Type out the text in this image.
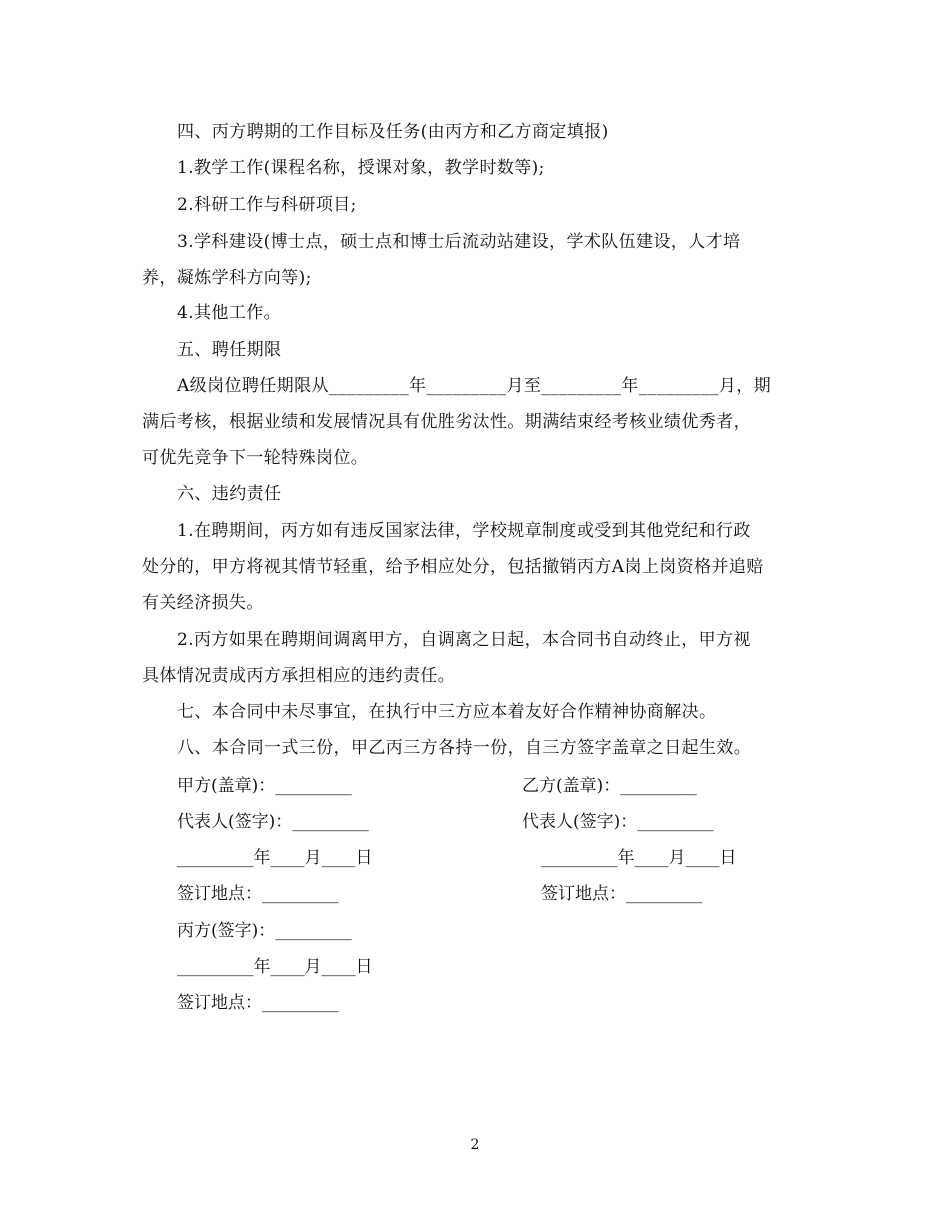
四、丙方聘期的工作目标及任务(由丙方和乙方商定填报)
1.教学工作(课程名称，授课对象，教学时数等);
2.科研工作与科研项目;
3.学科建设(博士点，硕士点和博士后流动站建设，学术队伍建设，人才培
养，凝炼学科方向等);
4.其他工作。
五、聘任期限
A级岗位聘任期限从_________年_________月至_________年_________月，期
满后考核，根据业绩和发展情况具有优胜劣汰性。期满结束经考核业绩优秀者，
可优先竞争下一轮特殊岗位。
六、违约责任
1.在聘期间，丙方如有违反国家法律，学校规章制度或受到其他党纪和行政
处分的，甲方将视其情节轻重，给予相应处分，包括撤销丙方A岗上岗资格并追赔
有关经济损失。
2.丙方如果在聘期间调离甲方，自调离之日起，本合同书自动终止，甲方视
具体情况责成丙方承担相应的违约责任。
七、本合同中未尽事宜，在执行中三方应本着友好合作精神协商解决。
八、本合同一式三份，甲乙丙三方各持一份，自三方签字盖章之日起生效。
甲方(盖章)：_________	乙方(盖章)：_________
代表人(签字)：_________	代表人(签字)：_________
_________年____月____日	_________年____月____日
签订地点：_________	签订地点：_________
丙方(签字)：_________
_________年____月____日
签订地点：_________
2
